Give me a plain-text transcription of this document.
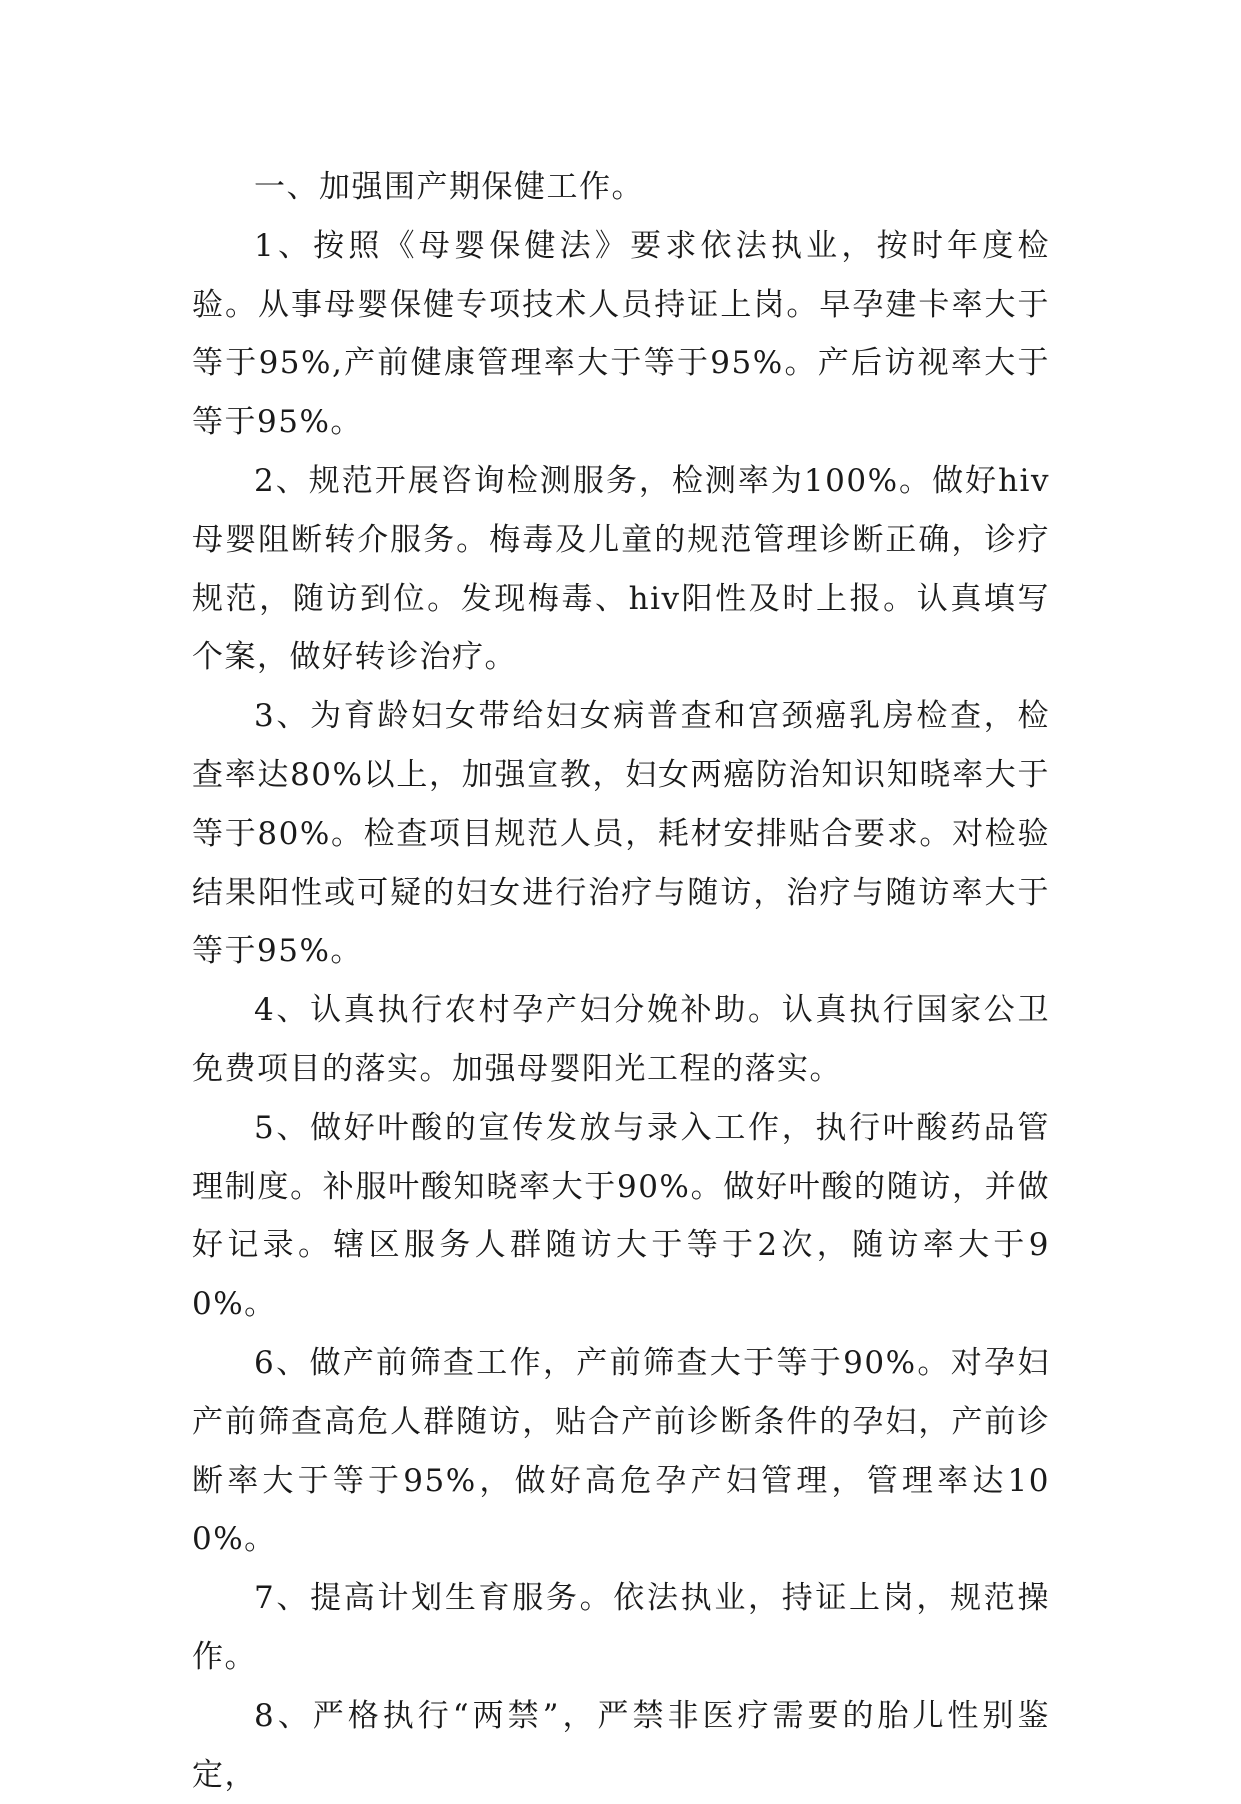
一、加强围产期保健工作。

1、按照《母婴保健法》要求依法执业，按时年度检验。从事母婴保健专项技术人员持证上岗。早孕建卡率大于等于95%,产前健康管理率大于等于95%。产后访视率大于等于95%。

2、规范开展咨询检测服务，检测率为100%。做好hiv母婴阻断转介服务。梅毒及儿童的规范管理诊断正确，诊疗规范，随访到位。发现梅毒、hiv阳性及时上报。认真填写个案，做好转诊治疗。

3、为育龄妇女带给妇女病普查和宫颈癌乳房检查，检查率达80%以上，加强宣教，妇女两癌防治知识知晓率大于等于80%。检查项目规范人员，耗材安排贴合要求。对检验结果阳性或可疑的妇女进行治疗与随访，治疗与随访率大于等于95%。

4、认真执行农村孕产妇分娩补助。认真执行国家公卫免费项目的落实。加强母婴阳光工程的落实。

5、做好叶酸的宣传发放与录入工作，执行叶酸药品管理制度。补服叶酸知晓率大于90%。做好叶酸的随访，并做好记录。辖区服务人群随访大于等于2次，随访率大于90%。

6、做产前筛查工作，产前筛查大于等于90%。对孕妇产前筛查高危人群随访，贴合产前诊断条件的孕妇，产前诊断率大于等于95%，做好高危孕产妇管理，管理率达100%。

7、提高计划生育服务。依法执业，持证上岗，规范操作。

8、严格执行“两禁”，严禁非医疗需要的胎儿性别鉴定，
